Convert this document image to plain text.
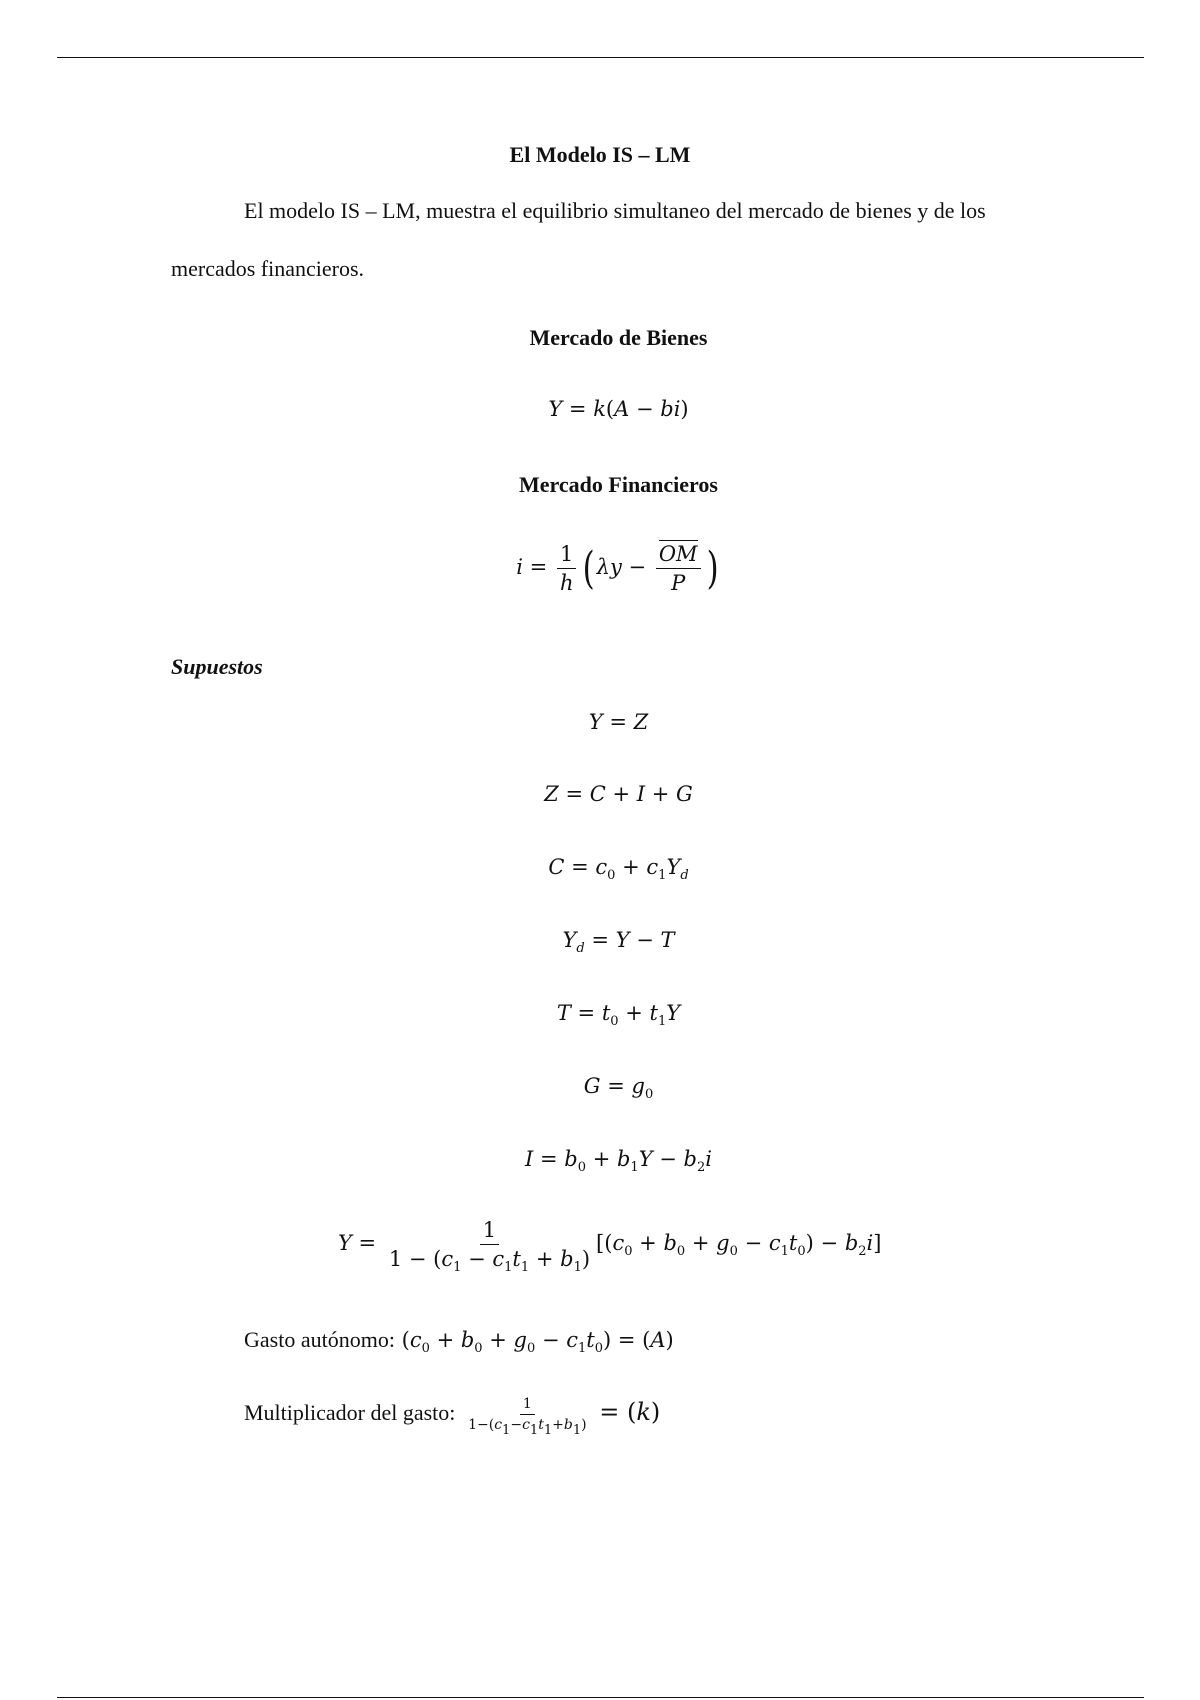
El Modelo IS – LM
El modelo IS – LM, muestra el equilibrio simultaneo del mercado de bienes y de los
mercados financieros.
Mercado de Bienes
Y = k(A − bi)
Mercado Financieros
$i = \frac{1}{h}$ ( $\lambda y - \frac{OM}{P}$ )
Supuestos
Y = Z
Z = C + I + G
$C = c_0 + c_1Y_d$
$Y_d = Y - T$
$T = t_0 + t_1Y$
$G = g_0$
$I = b_0 + b_1Y - b_2i$
$Y = \frac{1}{1 - (c_1 - c_1t_1 + b_1)} [(c_0 + b_0 + g_0 - c_1t_0) - b_2i]$
Gasto autónomo: $(c_0 + b_0 + g_0 - c_1t_0) = (A)$
Multiplicador del gasto: $\frac{1}{1-(c_1-c_1t_1+b_1)} = (k)$
